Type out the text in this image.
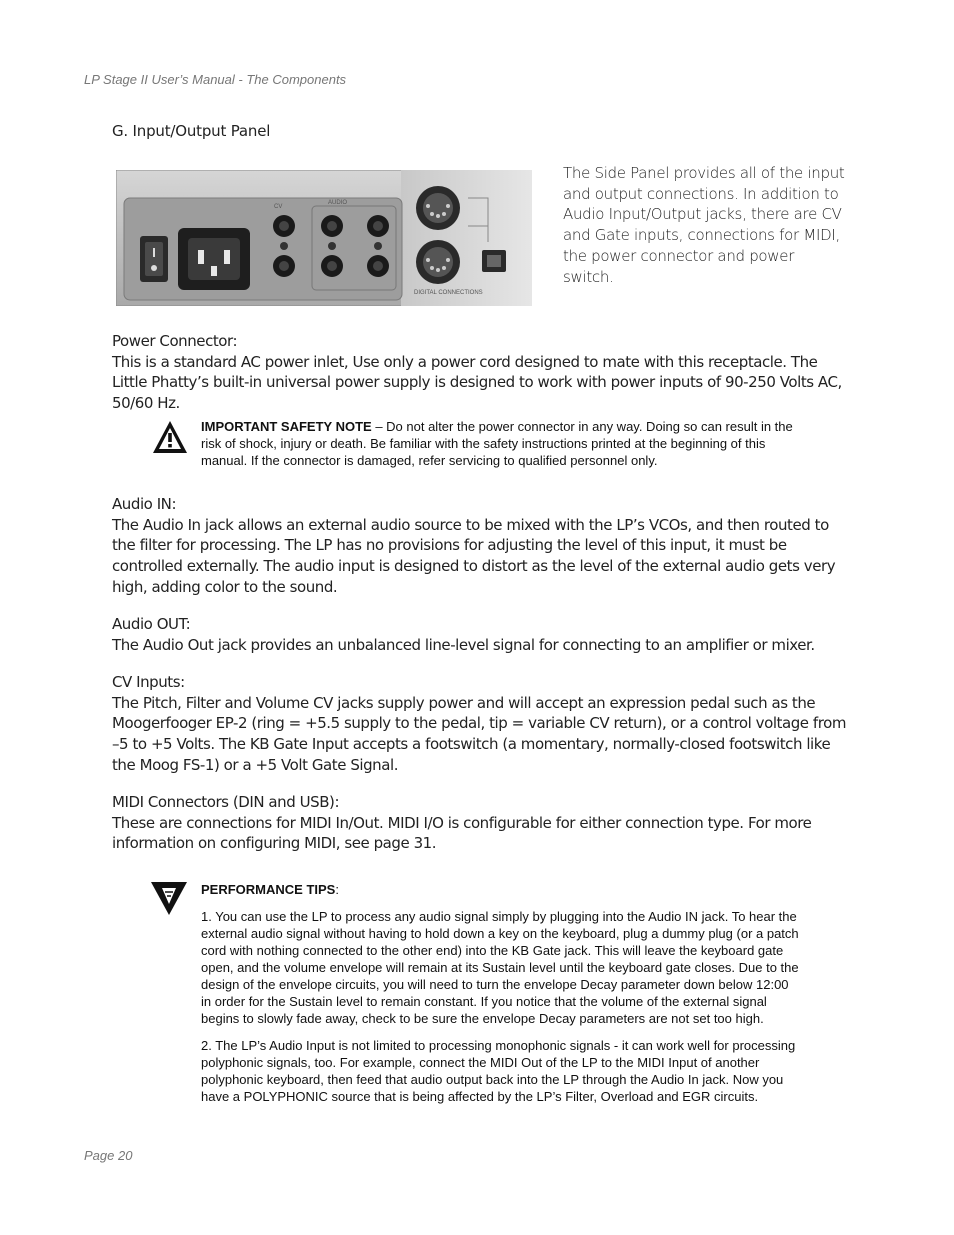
LP Stage II User’s Manual - The Components
G. Input/Output Panel
CV
AUDIO
DIGITAL CONNECTIONS
The Side Panel provides all of the input and output connections. In addition to Audio Input/Output jacks, there are CV and Gate inputs, connections for MIDI, the power connector and power switch.
Power Connector:
This is a standard AC power inlet, Use only a power cord designed to mate with this receptacle. The Little Phatty’s built-in universal power supply is designed to work with power inputs of 90-250 Volts AC, 50/60 Hz.
IMPORTANT SAFETY NOTE – Do not alter the power connector in any way. Doing so can result in the risk of shock, injury or death. Be familiar with the safety instructions printed at the beginning of this manual. If the connector is damaged, refer servicing to qualified personnel only.
Audio IN:
The Audio In jack allows an external audio source to be mixed with the LP’s VCOs, and then routed to the filter for processing. The LP has no provisions for adjusting the level of this input, it must be controlled externally. The audio input is designed to distort as the level of the external audio gets very high, adding color to the sound.
Audio OUT:
The Audio Out jack provides an unbalanced line-level signal for connecting to an amplifier or mixer.
CV Inputs:
The Pitch, Filter and Volume CV jacks supply power and will accept an expression pedal such as the Moogerfooger EP-2 (ring = +5.5 supply to the pedal, tip = variable CV return), or a control voltage from –5 to +5 Volts. The KB Gate Input accepts a footswitch (a momentary, normally-closed footswitch like the Moog FS-1) or a +5 Volt Gate Signal.
MIDI Connectors (DIN and USB):
These are connections for MIDI In/Out. MIDI I/O is configurable for either connection type. For more information on configuring MIDI, see page 31.

PERFORMANCE TIPS:

1. You can use the LP to process any audio signal simply by plugging into the Audio IN jack. To hear the external audio signal without having to hold down a key on the keyboard, plug a dummy plug (or a patch cord with nothing connected to the other end) into the KB Gate jack. This will leave the keyboard gate open, and the volume envelope will remain at its Sustain level until the keyboard gate closes. Due to the design of the envelope circuits, you will need to turn the envelope Decay parameter down below 12:00 in order for the Sustain level to remain constant. If you notice that the volume of the external signal begins to slowly fade away, check to be sure the envelope Decay parameters are not set too high.

2. The LP’s Audio Input is not limited to processing monophonic signals - it can work well for processing polyphonic signals, too. For example, connect the MIDI Out of the LP to the MIDI Input of another polyphonic keyboard, then feed that audio output back into the LP through the Audio In jack. Now you have a POLYPHONIC source that is being affected by the LP’s Filter, Overload and EGR circuits.

Page 20
